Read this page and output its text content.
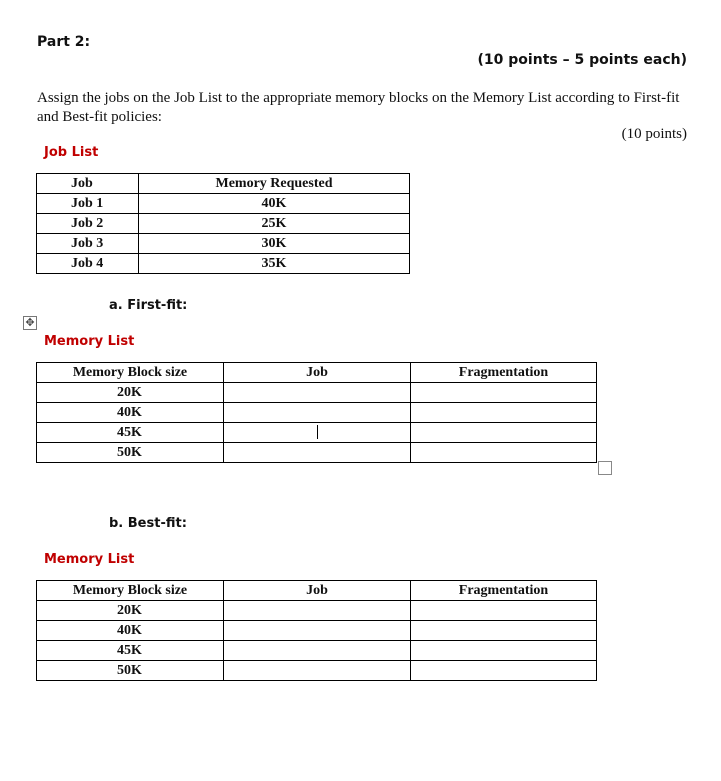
Part 2:
(10 points – 5 points each)
Assign the jobs on the Job List to the appropriate memory blocks on the Memory List according to First-fit and Best-fit policies:
(10 points)
Job List
Job	Memory Requested
Job 1	40K
Job 2	25K
Job 3	30K
Job 4	35K
a. First-fit:
✥
Memory List
Memory Block size	Job	Fragmentation
20K		
40K		
45K		
50K		
b. Best-fit:
Memory List
Memory Block size	Job	Fragmentation
20K		
40K		
45K		
50K		
